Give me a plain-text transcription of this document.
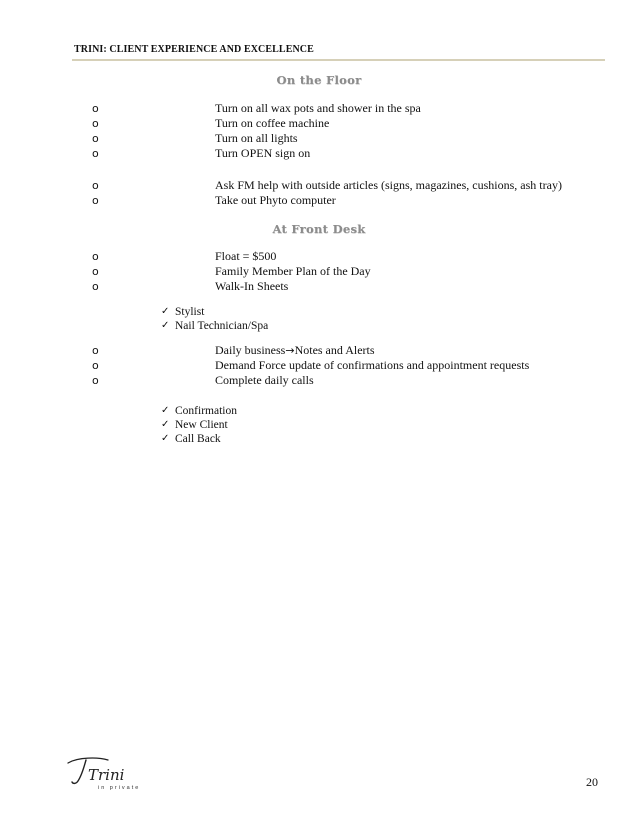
TRINI: CLIENT EXPERIENCE AND EXCELLENCE
On the Floor
o	Turn on all wax pots and shower in the spa
o	Turn on coffee machine
o	Turn on all lights
o	Turn OPEN sign on
o	Ask FM help with outside articles (signs, magazines, cushions, ash tray)
o	Take out Phyto computer
At Front Desk
o	Float = $500
o	Family Member Plan of the Day
o	Walk-In Sheets
✓ Stylist
✓ Nail Technician/Spa
o	Daily business→Notes and Alerts
o	Demand Force update of confirmations and appointment requests
o	Complete daily calls
✓ Confirmation
✓ New Client
✓ Call Back
Trini
in private	20
